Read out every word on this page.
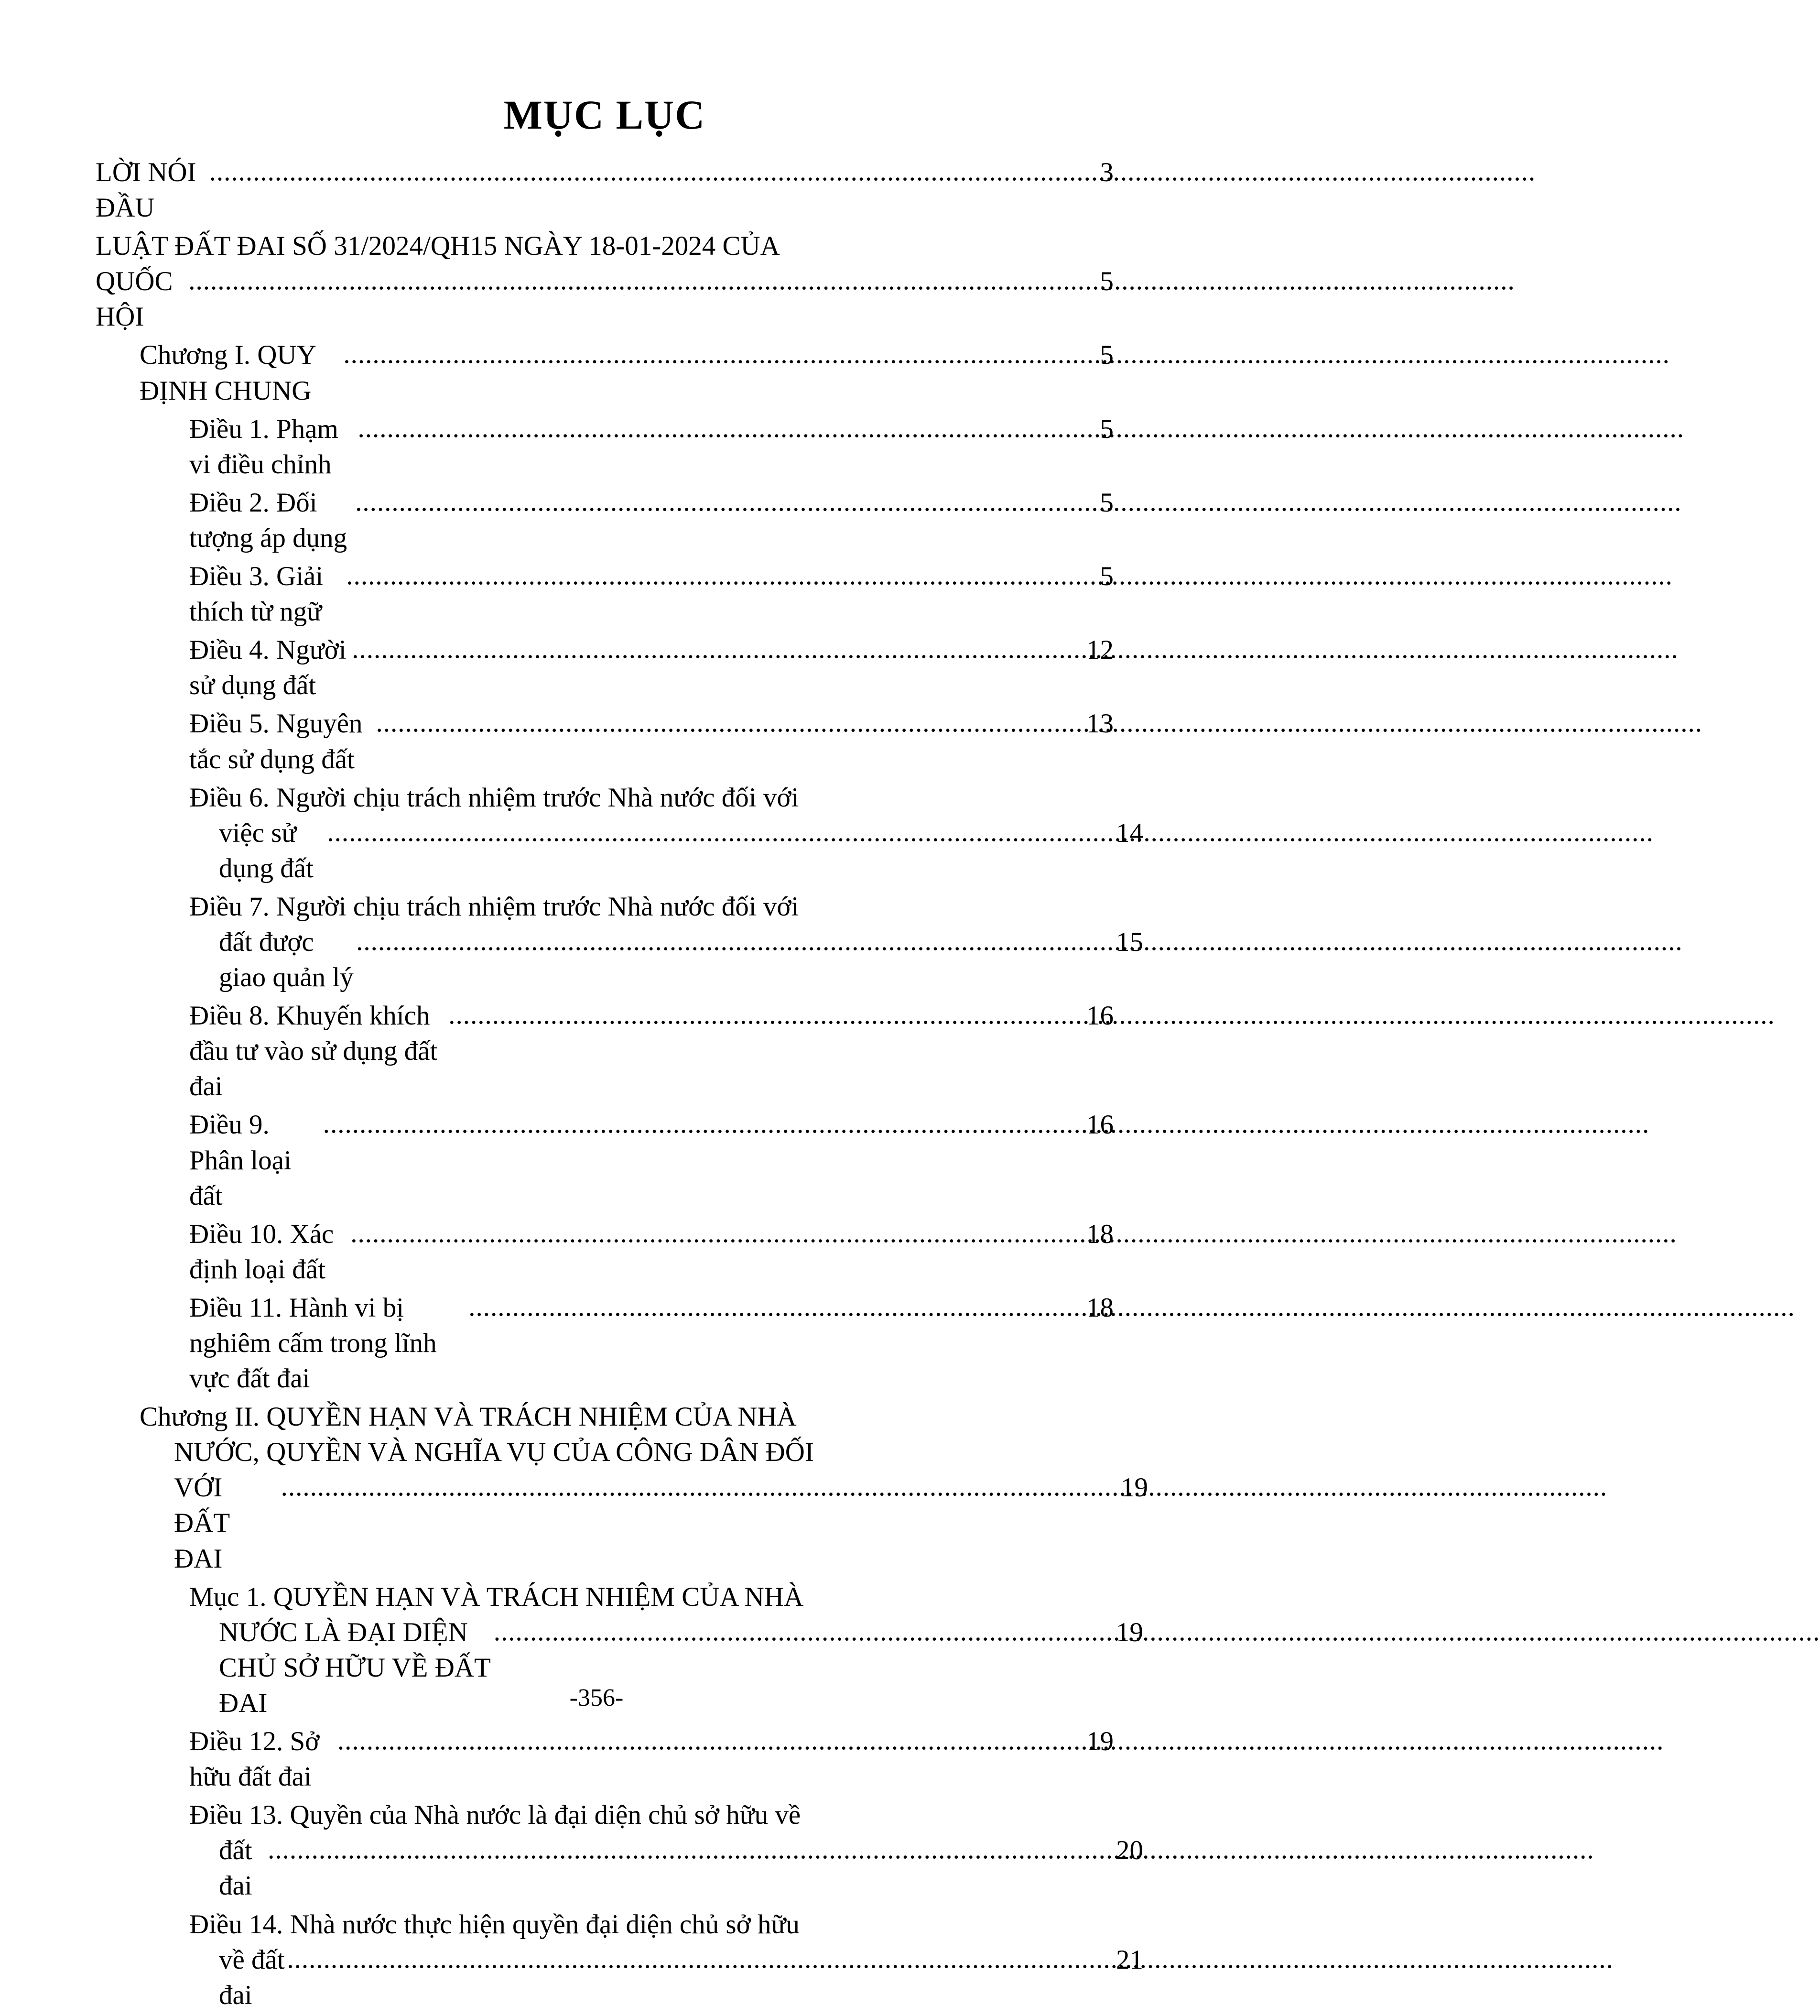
MỤC LỤC
LỜI NÓI ĐẦU
.....
3
LUẬT ĐẤT ĐAI SỐ 31/2024/QH15 NGÀY 18-01-2024 CỦA
QUỐC HỘI
.....
5
Chương I. QUY ĐỊNH CHUNG
.....
5
Điều 1. Phạm vi điều chỉnh
.....
5
Điều 2. Đối tượng áp dụng
.....
5
Điều 3. Giải thích từ ngữ
.....
5
Điều 4. Người sử dụng đất
.....
12
Điều 5. Nguyên tắc sử dụng đất
.....
13
Điều 6. Người chịu trách nhiệm trước Nhà nước đối với
việc sử dụng đất
.....
14
Điều 7. Người chịu trách nhiệm trước Nhà nước đối với
đất được giao quản lý
.....
15
Điều 8. Khuyến khích đầu tư vào sử dụng đất đai
.....
16
Điều 9. Phân loại đất
.....
16
Điều 10. Xác định loại đất
.....
18
Điều 11. Hành vi bị nghiêm cấm trong lĩnh vực đất đai
.....
18
Chương II. QUYỀN HẠN VÀ TRÁCH NHIỆM CỦA NHÀ
NƯỚC, QUYỀN VÀ NGHĨA VỤ CỦA CÔNG DÂN ĐỐI
VỚI ĐẤT ĐAI
.....
19
Mục 1. QUYỀN HẠN VÀ TRÁCH NHIỆM CỦA NHÀ
NƯỚC LÀ ĐẠI DIỆN CHỦ SỞ HỮU VỀ ĐẤT ĐAI
.....
19
Điều 12. Sở hữu đất đai
.....
19
Điều 13. Quyền của Nhà nước là đại diện chủ sở hữu về
đất đai
.....
20
Điều 14. Nhà nước thực hiện quyền đại diện chủ sở hữu
về đất đai
.....
21
-356-
